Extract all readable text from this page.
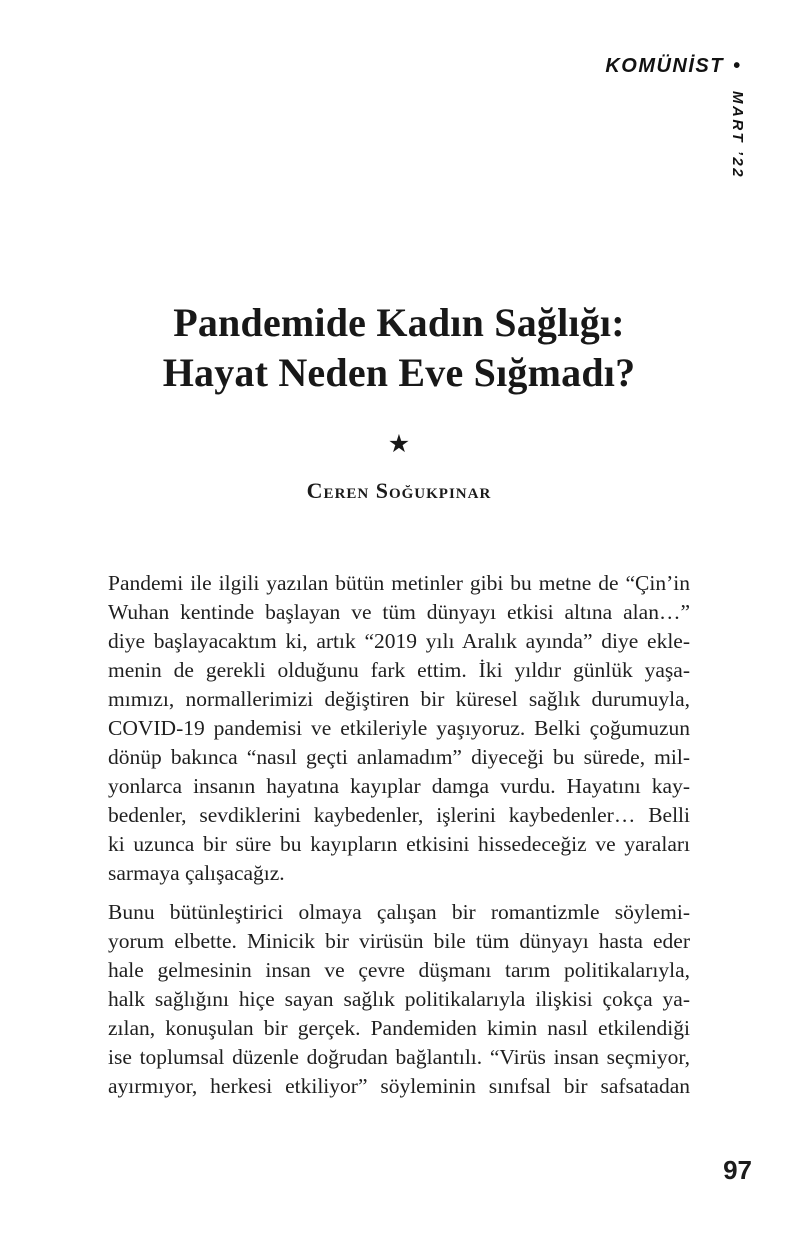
KOMÜNİST •
MART ’22
Pandemide Kadın Sağlığı:
Hayat Neden Eve Sığmadı?
★
Ceren Soğukpınar
Pandemi ile ilgili yazılan bütün metinler gibi bu metne de “Çin’in
Wuhan kentinde başlayan ve tüm dünyayı etkisi altına alan…”
diye başlayacaktım ki, artık “2019 yılı Aralık ayında” diye ekle-
menin de gerekli olduğunu fark ettim. İki yıldır günlük yaşa-
mımızı, normallerimizi değiştiren bir küresel sağlık durumuyla,
COVID-19 pandemisi ve etkileriyle yaşıyoruz. Belki çoğumuzun
dönüp bakınca “nasıl geçti anlamadım” diyeceği bu sürede, mil-
yonlarca insanın hayatına kayıplar damga vurdu. Hayatını kay-
bedenler, sevdiklerini kaybedenler, işlerini kaybedenler… Belli
ki uzunca bir süre bu kayıpların etkisini hissedeceğiz ve yaraları
sarmaya çalışacağız.
Bunu bütünleştirici olmaya çalışan bir romantizmle söylemi-
yorum elbette. Minicik bir virüsün bile tüm dünyayı hasta eder
hale gelmesinin insan ve çevre düşmanı tarım politikalarıyla,
halk sağlığını hiçe sayan sağlık politikalarıyla ilişkisi çokça ya-
zılan, konuşulan bir gerçek. Pandemiden kimin nasıl etkilendiği
ise toplumsal düzenle doğrudan bağlantılı. “Virüs insan seçmiyor,
ayırmıyor, herkesi etkiliyor” söyleminin sınıfsal bir safsatadan
97
